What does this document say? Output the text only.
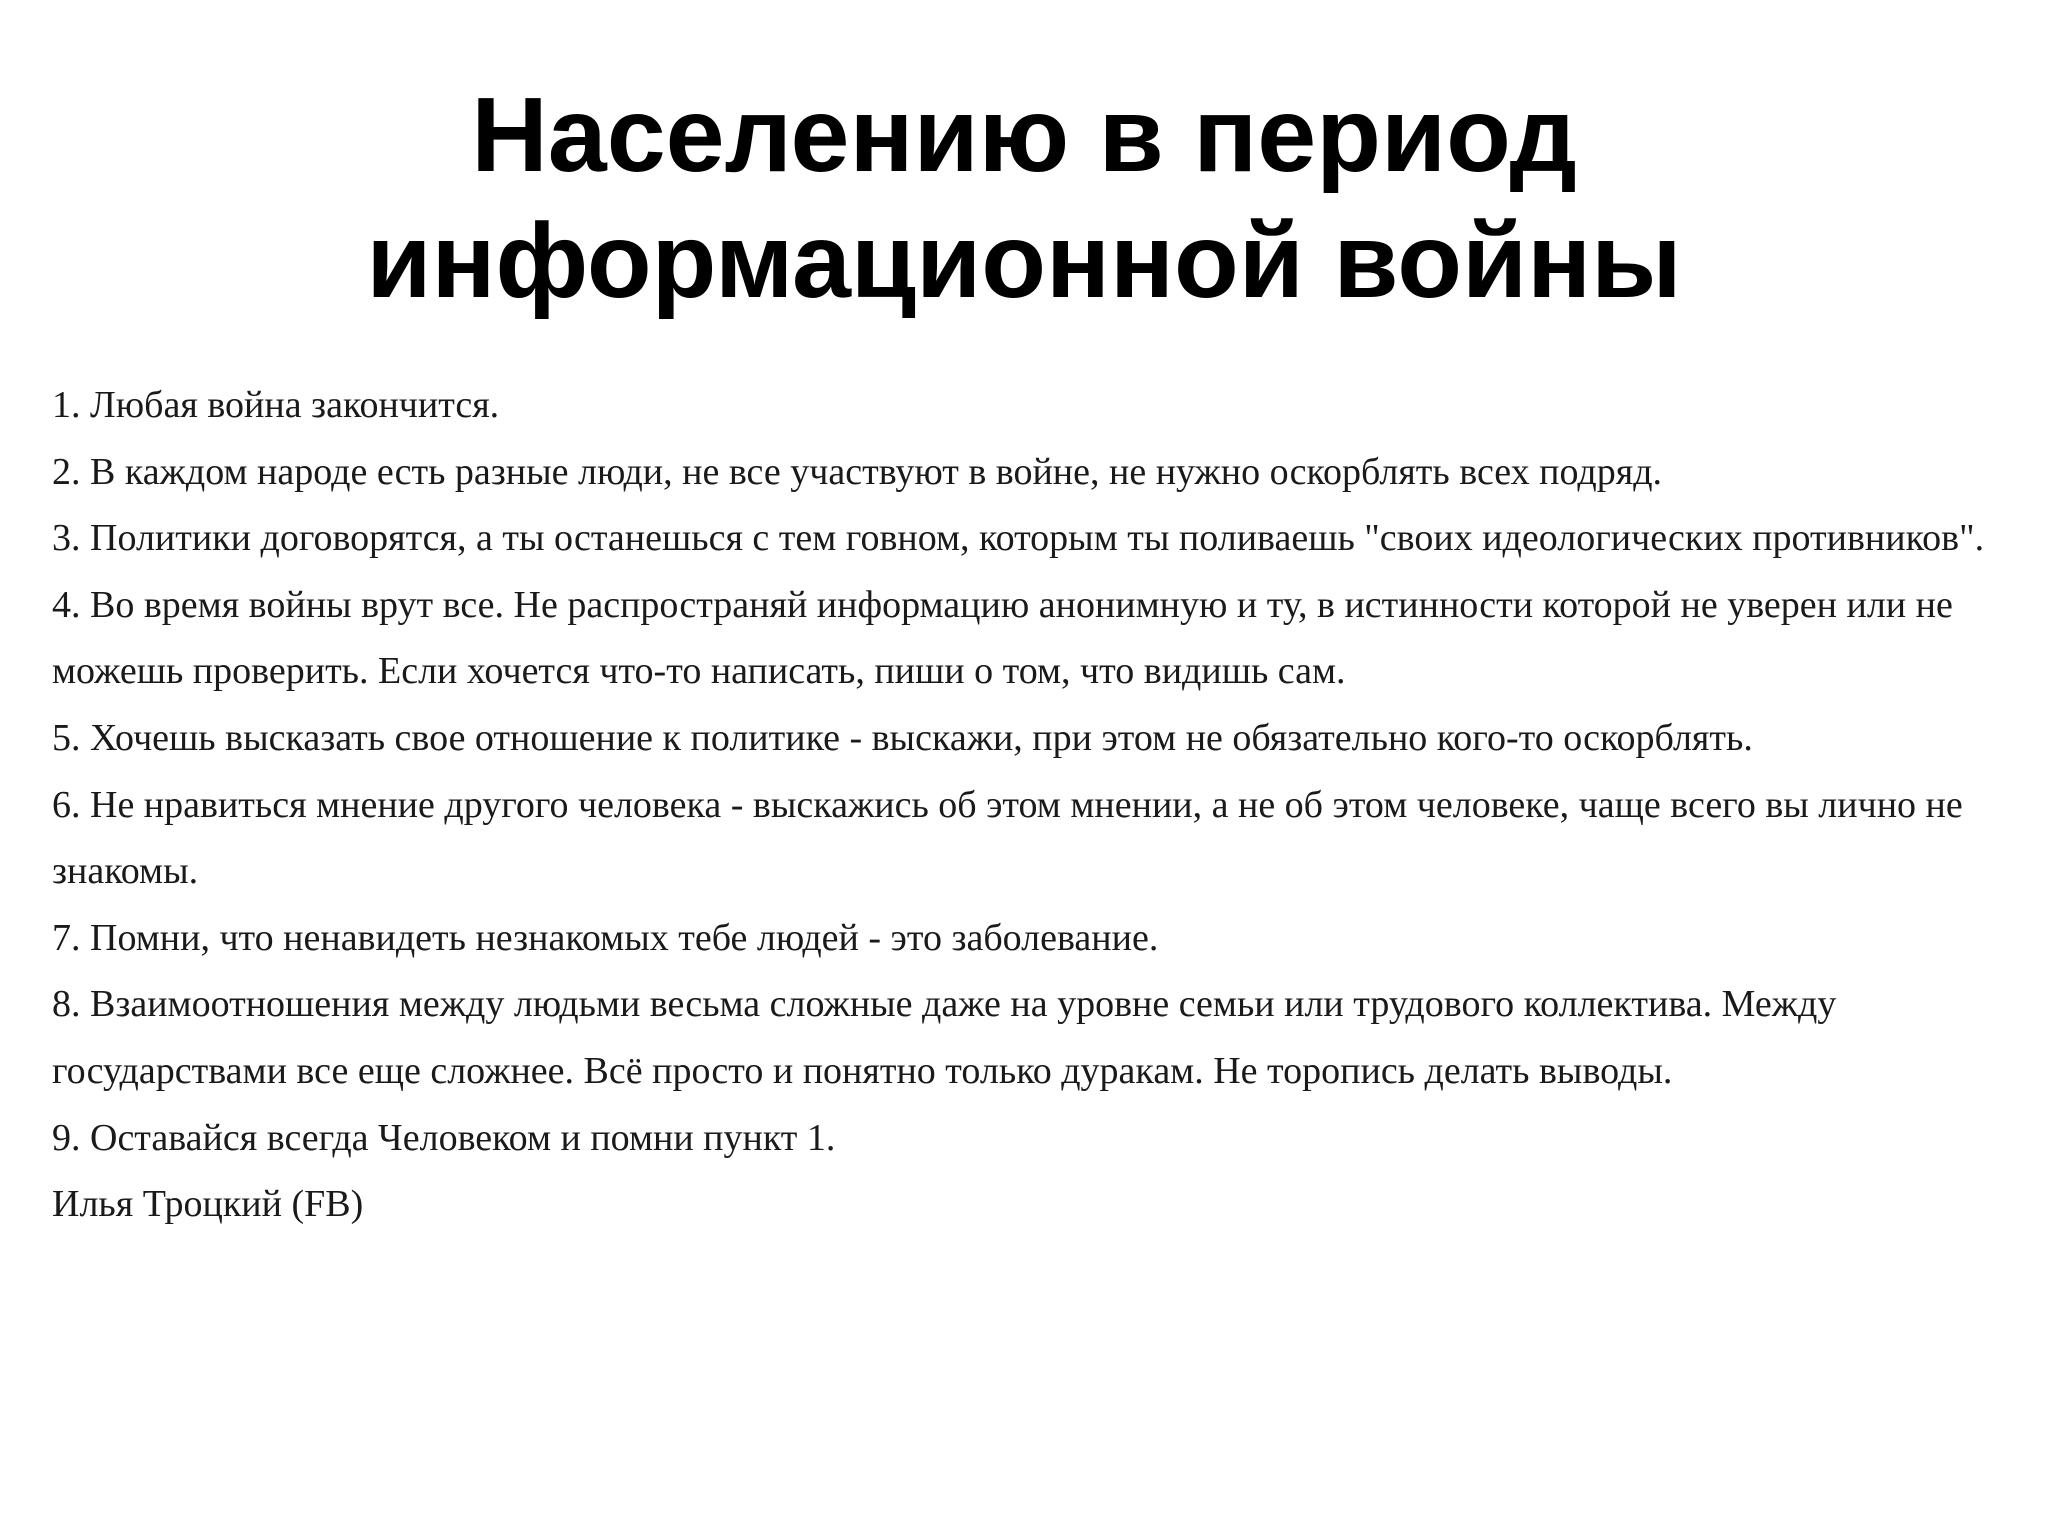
Населению в период
информационной войны

1. Любая война закончится.

2. В каждом народе есть разные люди, не все участвуют в войне, не нужно оскорблять всех подряд.

3. Политики договорятся, а ты останешься с тем говном, которым ты поливаешь "своих идеологических противников".

4. Во время войны врут все. Не распространяй информацию анонимную и ту, в истинности которой не уверен или не можешь проверить. Если хочется что-то написать, пиши о том, что видишь сам.

5. Хочешь высказать свое отношение к политике - выскажи, при этом не обязательно кого-то оскорблять.

6. Не нравиться мнение другого человека - выскажись об этом мнении, а не об этом человеке, чаще всего вы лично не знакомы.

7. Помни, что ненавидеть незнакомых тебе людей - это заболевание.

8. Взаимоотношения между людьми весьма сложные даже на уровне семьи или трудового коллектива. Между государствами все еще сложнее. Всё просто и понятно только дуракам. Не торопись делать выводы.

9. Оставайся всегда Человеком и помни пункт 1.

Илья Троцкий (FB)
